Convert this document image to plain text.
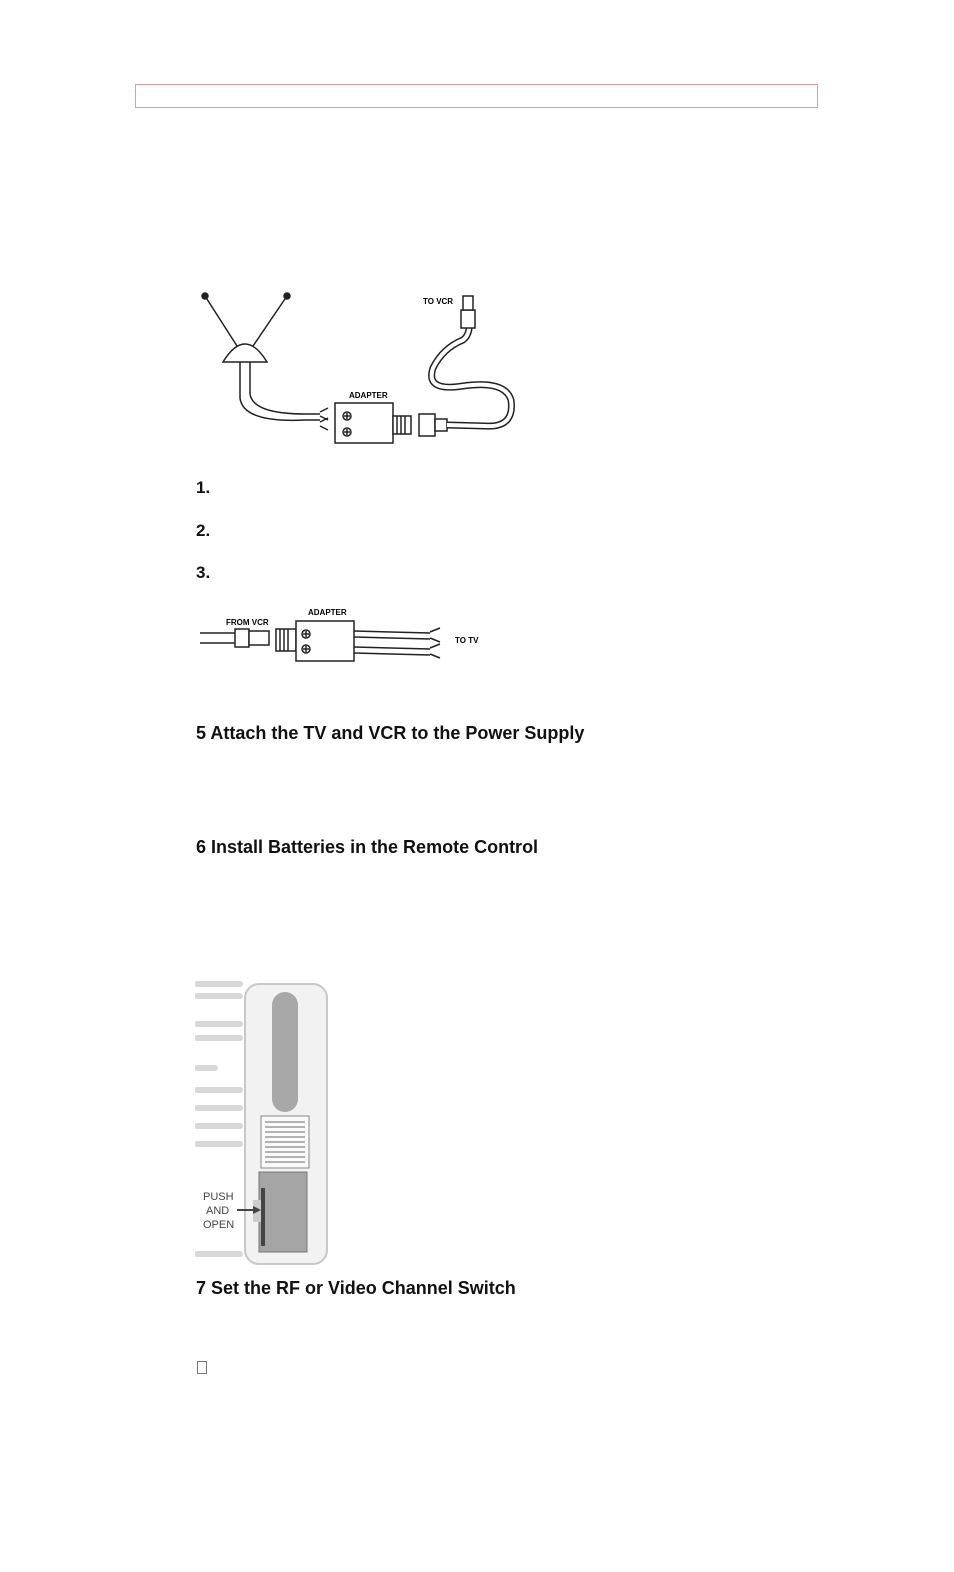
TO VCR
ADAPTER
1.
2.
3.
FROM VCR
ADAPTER
TO TV
5 Attach the TV and VCR to the Power Supply
6 Install Batteries in the Remote Control
PUSH
AND
OPEN
7 Set the RF or Video Channel Switch
